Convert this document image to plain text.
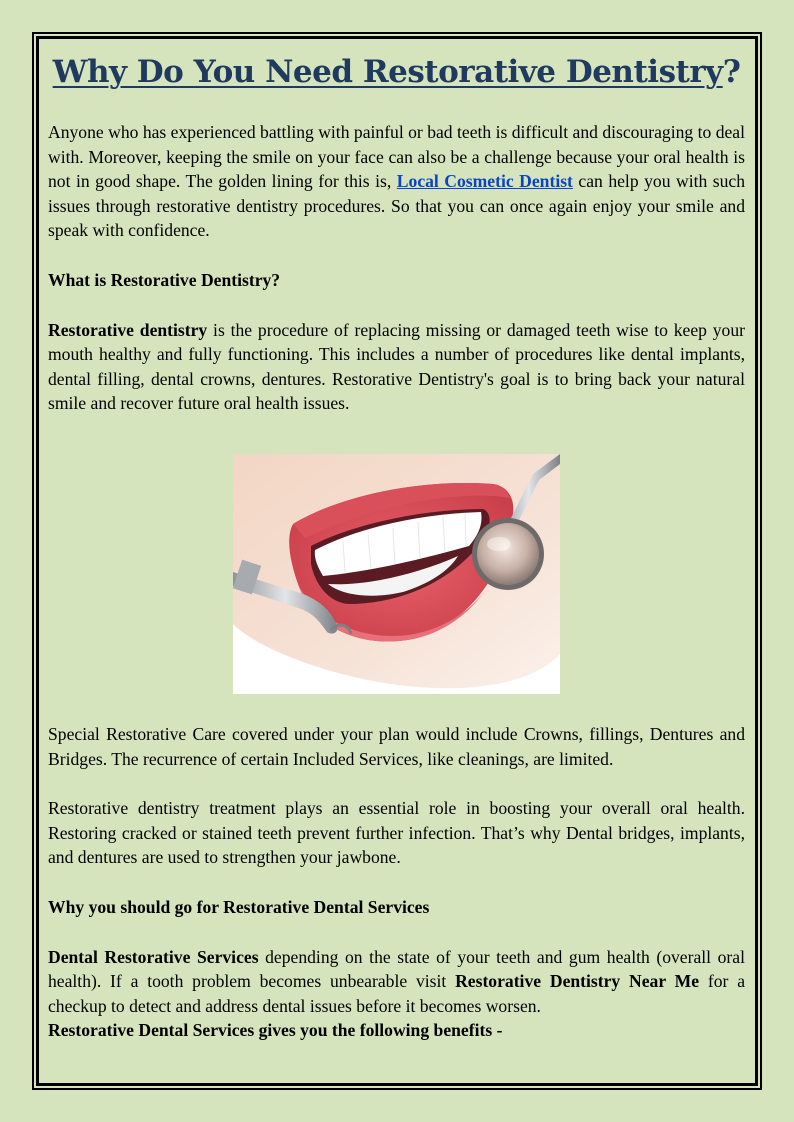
Why Do You Need Restorative Dentistry?

Anyone who has experienced battling with painful or bad teeth is difficult and discouraging to deal with. Moreover, keeping the smile on your face can also be a challenge because your oral health is not in good shape. The golden lining for this is, Local Cosmetic Dentist can help you with such issues through restorative dentistry procedures. So that you can once again enjoy your smile and speak with confidence.

What is Restorative Dentistry?

Restorative dentistry is the procedure of replacing missing or damaged teeth wise to keep your mouth healthy and fully functioning. This includes a number of procedures like dental implants, dental filling, dental crowns, dentures. Restorative Dentistry's goal is to bring back your natural smile and recover future oral health issues.

Special Restorative Care covered under your plan would include Crowns, fillings, Dentures and Bridges. The recurrence of certain Included Services, like cleanings, are limited.

Restorative dentistry treatment plays an essential role in boosting your overall oral health. Restoring cracked or stained teeth prevent further infection. That’s why Dental bridges, implants, and dentures are used to strengthen your jawbone.

Why you should go for Restorative Dental Services

Dental Restorative Services depending on the state of your teeth and gum health (overall oral health). If a tooth problem becomes unbearable visit Restorative Dentistry Near Me for a checkup to detect and address dental issues before it becomes worsen.

Restorative Dental Services gives you the following benefits -
